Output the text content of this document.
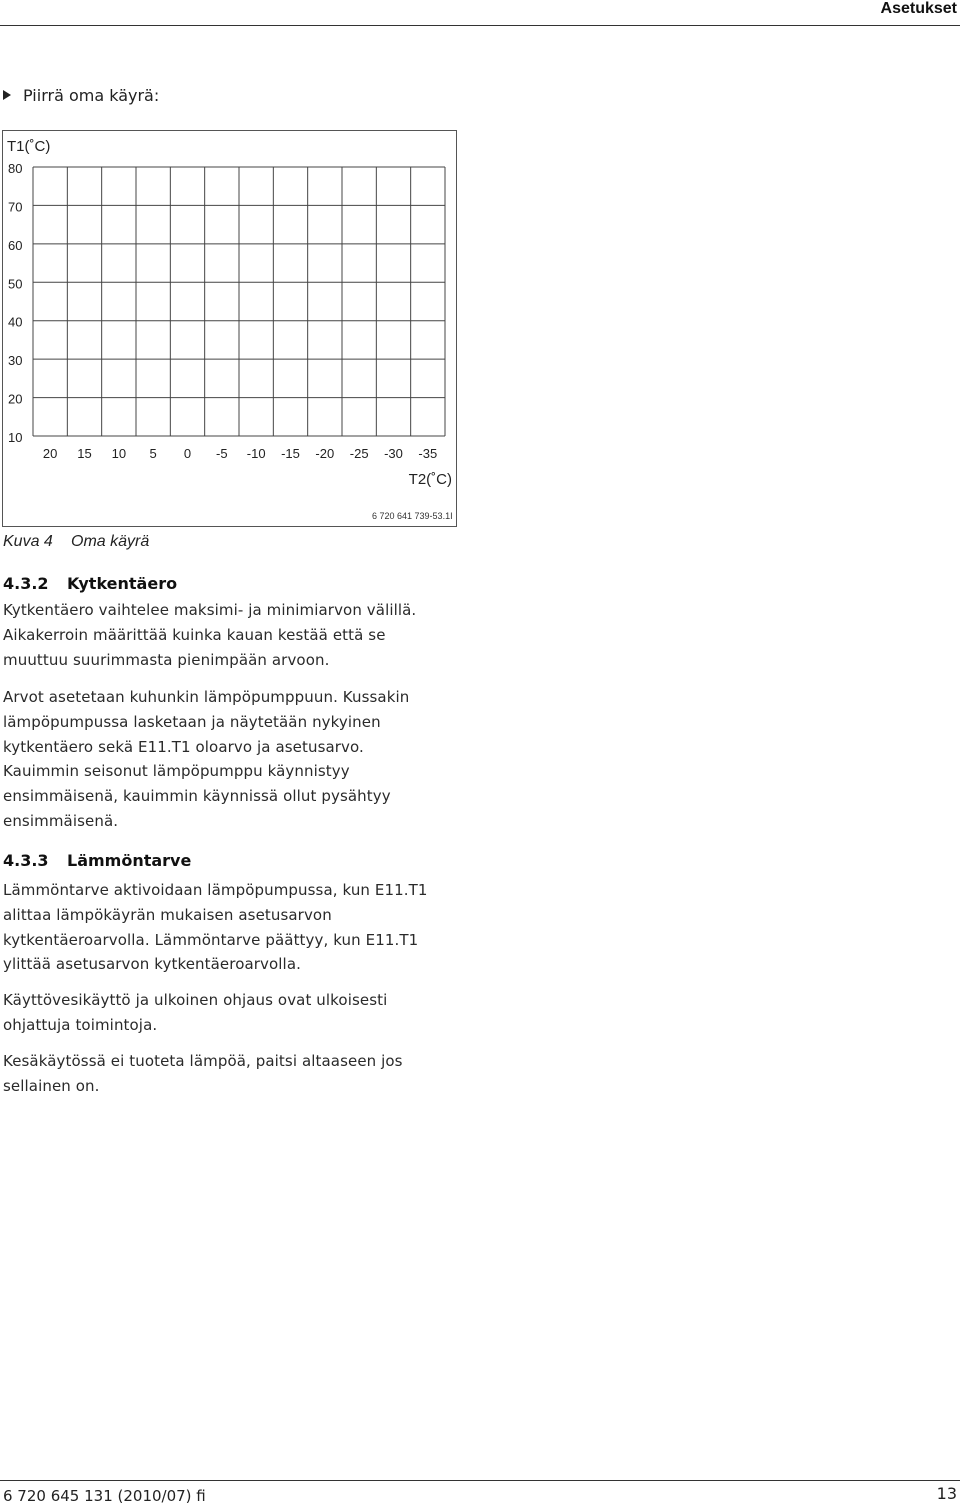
Asetukset
Piirrä oma käyrä:
80
70
60
50
40
30
20
10
20 15 10 5 0 -5 -10 -15 -20 -25 -30 -35
T1(˚C)
T2(˚C)
6 720 641 739-53.1I
Kuva 4 Oma käyrä
4.3.2 Kytkentäero
Kytkentäero vaihtelee maksimi- ja minimiarvon välillä.
Aikakerroin määrittää kuinka kauan kestää että se
muuttuu suurimmasta pienimpään arvoon.
Arvot asetetaan kuhunkin lämpöpumppuun. Kussakin
lämpöpumpussa lasketaan ja näytetään nykyinen
kytkentäero sekä E11.T1 oloarvo ja asetusarvo.
Kauimmin seisonut lämpöpumppu käynnistyy
ensimmäisenä, kauimmin käynnissä ollut pysähtyy
ensimmäisenä.
4.3.3 Lämmöntarve
Lämmöntarve aktivoidaan lämpöpumpussa, kun E11.T1
alittaa lämpökäyrän mukaisen asetusarvon
kytkentäeroarvolla. Lämmöntarve päättyy, kun E11.T1
ylittää asetusarvon kytkentäeroarvolla.
Käyttövesikäyttö ja ulkoinen ohjaus ovat ulkoisesti
ohjattuja toimintoja.
Kesäkäytössä ei tuoteta lämpöä, paitsi altaaseen jos
sellainen on.
6 720 645 131 (2010/07) fi	13
